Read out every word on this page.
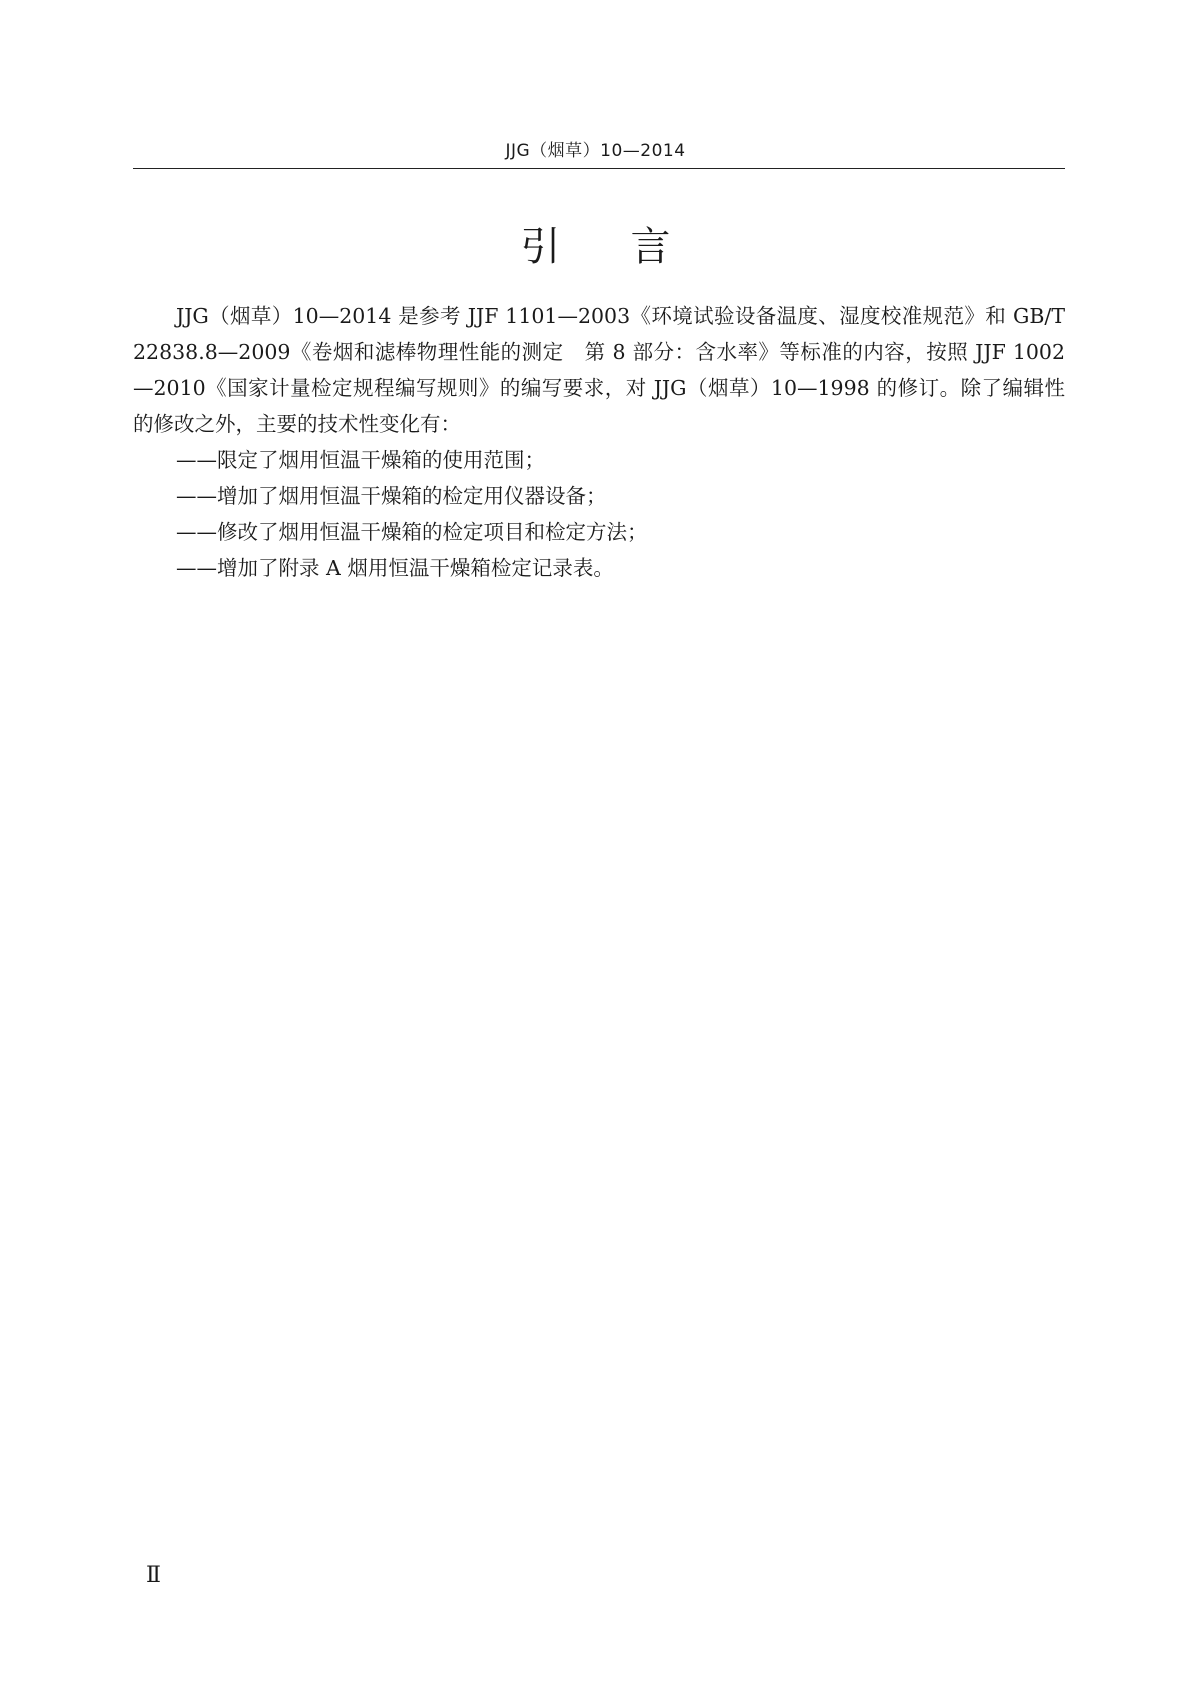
JJG（烟草）10—2014
引言

JJG（烟草）10—2014 是参考 JJF 1101—2003《环境试验设备温度、湿度校准规范》和 GB/T 22838.8—2009《卷烟和滤棒物理性能的测定　第 8 部分：含水率》等标准的内容，按照 JJF 1002—2010《国家计量检定规程编写规则》的编写要求，对 JJG（烟草）10—1998 的修订。除了编辑性的修改之外，主要的技术性变化有：

——限定了烟用恒温干燥箱的使用范围；
——增加了烟用恒温干燥箱的检定用仪器设备；
——修改了烟用恒温干燥箱的检定项目和检定方法；
——增加了附录 A 烟用恒温干燥箱检定记录表。
Ⅱ
